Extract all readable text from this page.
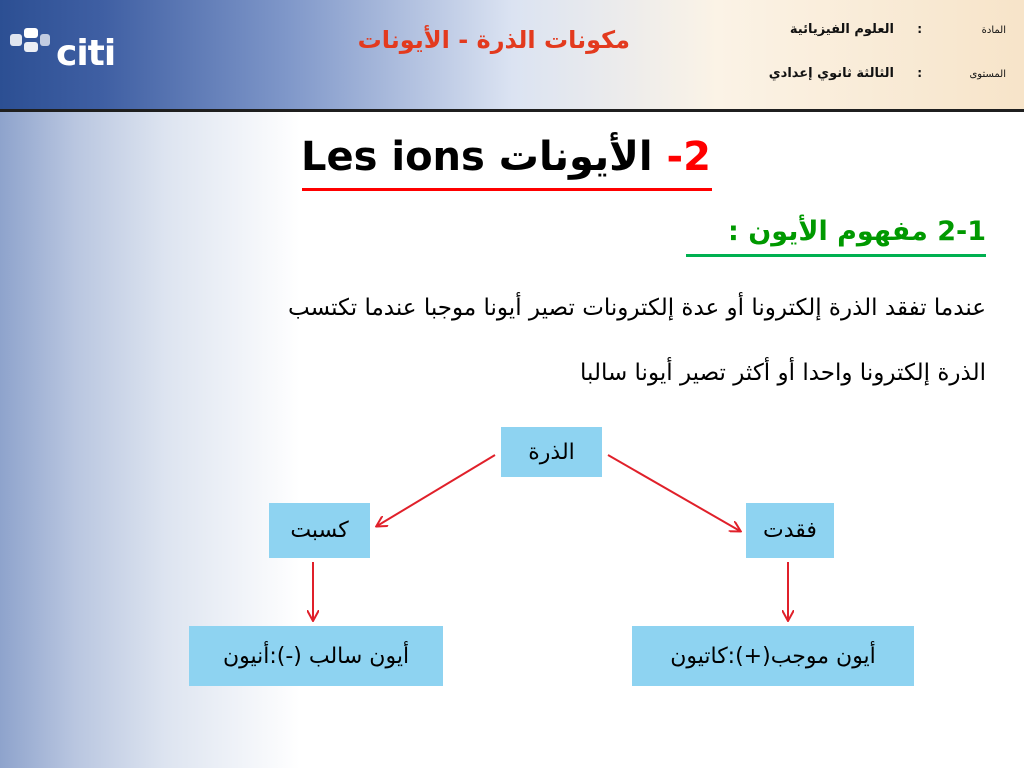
citi	مكونات الذرة - الأيونات	المادة
:
العلوم الفيزيائية
المستوى
:
الثالثة ثانوي إعدادي
Les ions	2- الأيونات
2-1 مفهوم الأيون :
عندما تفقد الذرة إلكترونا أو عدة إلكترونات تصير أيونا موجبا عندما تكتسب
الذرة إلكترونا واحدا أو أكثر تصير أيونا سالبا
الذرة
كسبت	فقدت
أيون سالب (-):أنيون	أيون موجب(+):كاتيون
